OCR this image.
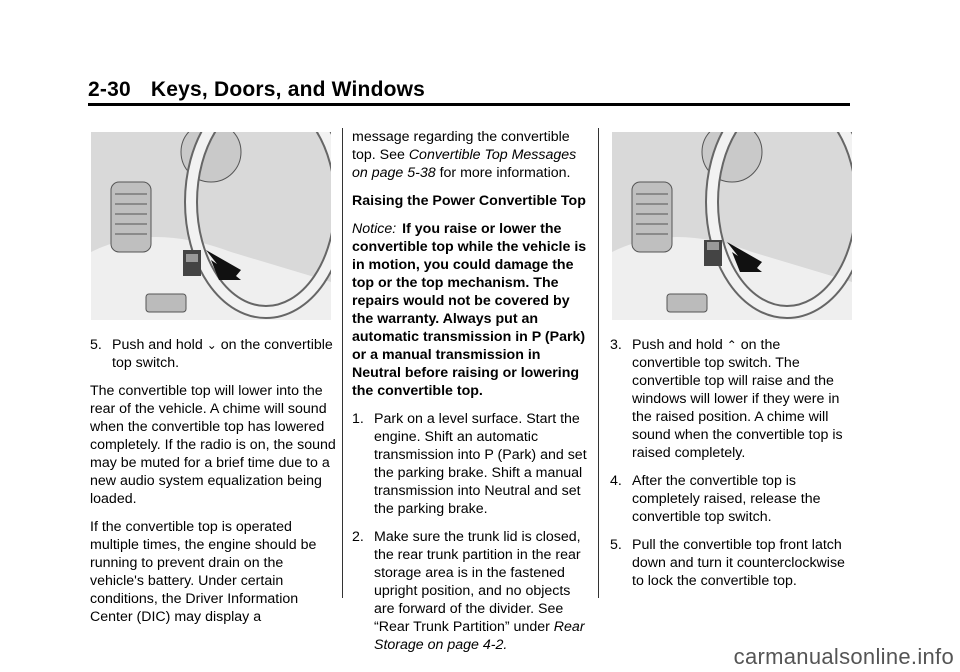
2-30 Keys, Doors, and Windows
5. Push and hold ⌄ on the convertible top switch.

The convertible top will lower into the rear of the vehicle. A chime will sound when the convertible top has lowered completely. If the radio is on, the sound may be muted for a brief time due to a new audio system equalization being loaded.

If the convertible top is operated multiple times, the engine should be running to prevent drain on the vehicle's battery. Under certain conditions, the Driver Information Center (DIC) may display a

message regarding the convertible top. See Convertible Top Messages on page 5-38 for more information.

Raising the Power Convertible Top
Notice: If you raise or lower the convertible top while the vehicle is in motion, you could damage the top or the top mechanism. The repairs would not be covered by the warranty. Always put an automatic transmission in P (Park) or a manual transmission in Neutral before raising or lowering the convertible top.
1. Park on a level surface. Start the engine. Shift an automatic transmission into P (Park) and set the parking brake. Shift a manual transmission into Neutral and set the parking brake.
2. Make sure the trunk lid is closed, the rear trunk partition in the rear storage area is in the fastened upright position, and no objects are forward of the divider. See “Rear Trunk Partition” under Rear Storage on page 4-2.
3. Push and hold ⌃ on the convertible top switch. The convertible top will raise and the windows will lower if they were in the raised position. A chime will sound when the convertible top is raised completely.
4. After the convertible top is completely raised, release the convertible top switch.
5. Pull the convertible top front latch down and turn it counterclockwise to lock the convertible top.
carmanualsonline.info
